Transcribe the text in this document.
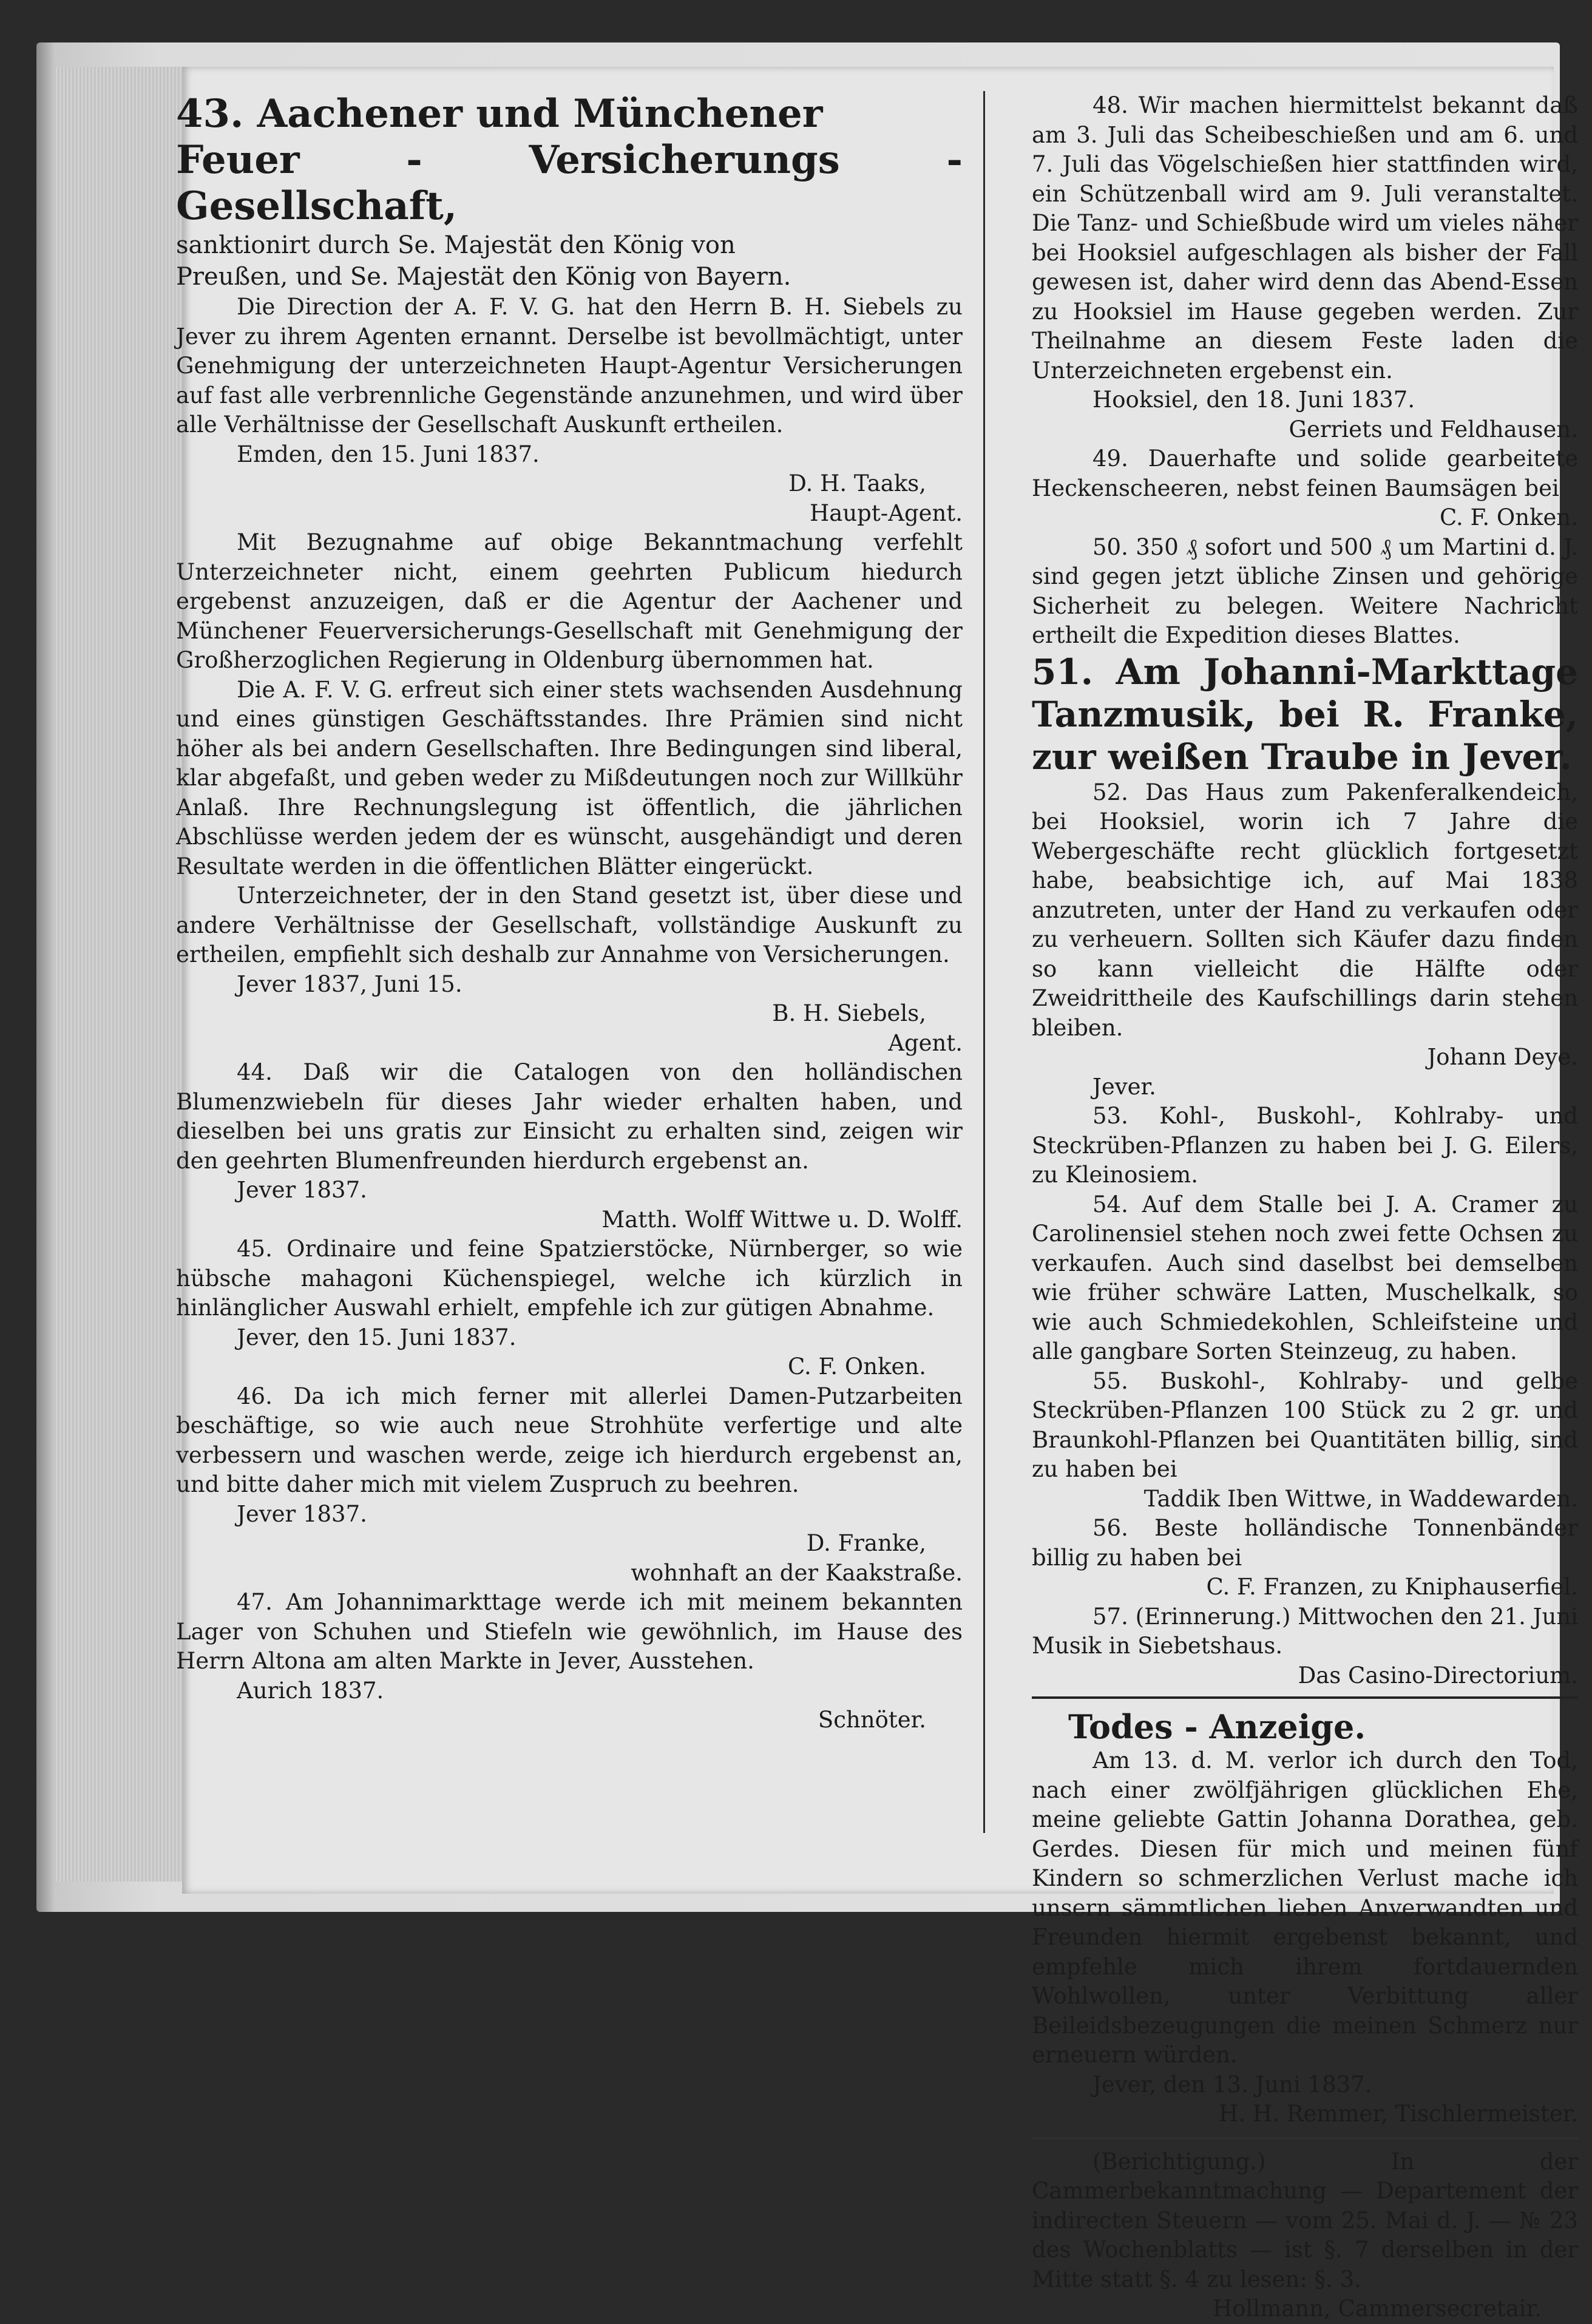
43. Aachener und Münchener
Feuer - Versicherungs - Gesellschaft,

sanktionirt durch Se. Majestät den König von

Preußen, und Se. Majestät den König von Bayern.

Die Direction der A. F. V. G. hat den Herrn B. H. Siebels zu Jever zu ihrem Agenten ernannt. Derselbe ist bevollmächtigt, unter Genehmigung der unterzeichneten Haupt-Agentur Versicherungen auf fast alle verbrennliche Gegenstände anzunehmen, und wird über alle Verhältnisse der Gesellschaft Auskunft ertheilen.

Emden, den 15. Juni 1837.

D. H. Taaks,

Haupt-Agent.

Mit Bezugnahme auf obige Bekanntmachung verfehlt Unterzeichneter nicht, einem geehrten Publicum hiedurch ergebenst anzuzeigen, daß er die Agentur der Aachener und Münchener Feuerversicherungs-Gesellschaft mit Genehmigung der Großherzoglichen Regierung in Oldenburg übernommen hat.

Die A. F. V. G. erfreut sich einer stets wachsenden Ausdehnung und eines günstigen Geschäftsstandes. Ihre Prämien sind nicht höher als bei andern Gesellschaften. Ihre Bedingungen sind liberal, klar abgefaßt, und geben weder zu Mißdeutungen noch zur Willkühr Anlaß. Ihre Rechnungslegung ist öffentlich, die jährlichen Abschlüsse werden jedem der es wünscht, ausgehändigt und deren Resultate werden in die öffentlichen Blätter eingerückt.

Unterzeichneter, der in den Stand gesetzt ist, über diese und andere Verhältnisse der Gesellschaft, vollständige Auskunft zu ertheilen, empfiehlt sich deshalb zur Annahme von Versicherungen.

Jever 1837, Juni 15.

B. H. Siebels,

Agent.

44. Daß wir die Catalogen von den holländischen Blumenzwiebeln für dieses Jahr wieder erhalten haben, und dieselben bei uns gratis zur Einsicht zu erhalten sind, zeigen wir den geehrten Blumenfreunden hierdurch ergebenst an.

Jever 1837.

Matth. Wolff Wittwe u. D. Wolff.

45. Ordinaire und feine Spatzierstöcke, Nürnberger, so wie hübsche mahagoni Küchenspiegel, welche ich kürzlich in hinlänglicher Auswahl erhielt, empfehle ich zur gütigen Abnahme.

Jever, den 15. Juni 1837.

C. F. Onken.

46. Da ich mich ferner mit allerlei Damen-Putzarbeiten beschäftige, so wie auch neue Strohhüte verfertige und alte verbessern und waschen werde, zeige ich hierdurch ergebenst an, und bitte daher mich mit vielem Zuspruch zu beehren.

Jever 1837.

D. Franke,

wohnhaft an der Kaakstraße.

47. Am Johannimarkttage werde ich mit meinem bekannten Lager von Schuhen und Stiefeln wie gewöhnlich, im Hause des Herrn Altona am alten Markte in Jever, Ausstehen.

Aurich 1837.

Schnöter.

48. Wir machen hiermittelst bekannt daß am 3. Juli das Scheibeschießen und am 6. und 7. Juli das Vögelschießen hier stattfinden wird, ein Schützenball wird am 9. Juli veranstaltet. Die Tanz- und Schießbude wird um vieles näher bei Hooksiel aufgeschlagen als bisher der Fall gewesen ist, daher wird denn das Abend-Essen zu Hooksiel im Hause gegeben werden. Zur Theilnahme an diesem Feste laden die Unterzeichneten ergebenst ein.

Hooksiel, den 18. Juni 1837.

Gerriets und Feldhausen.

49. Dauerhafte und solide gearbeitete Heckenscheeren, nebst feinen Baumsägen bei

C. F. Onken.

50. 350 ₰ sofort und 500 ₰ um Martini d. J. sind gegen jetzt übliche Zinsen und gehörige Sicherheit zu belegen. Weitere Nachricht ertheilt die Expedition dieses Blattes.

51. Am Johanni-Markttage Tanzmusik, bei R. Franke, zur weißen Traube in Jever.

52. Das Haus zum Pakenferalkendeich, bei Hooksiel, worin ich 7 Jahre die Webergeschäfte recht glücklich fortgesetzt habe, beabsichtige ich, auf Mai 1838 anzutreten, unter der Hand zu verkaufen oder zu verheuern. Sollten sich Käufer dazu finden so kann vielleicht die Hälfte oder Zweidrittheile des Kaufschillings darin stehen bleiben.

Johann Deye.

Jever.

53. Kohl-, Buskohl-, Kohlraby- und Steckrüben-Pflanzen zu haben bei J. G. Eilers, zu Kleinosiem.

54. Auf dem Stalle bei J. A. Cramer zu Carolinensiel stehen noch zwei fette Ochsen zu verkaufen. Auch sind daselbst bei demselben wie früher schwäre Latten, Muschelkalk, so wie auch Schmiedekohlen, Schleifsteine und alle gangbare Sorten Steinzeug, zu haben.

55. Buskohl-, Kohlraby- und gelbe Steckrüben-Pflanzen 100 Stück zu 2 gr. und Braunkohl-Pflanzen bei Quantitäten billig, sind zu haben bei

Taddik Iben Wittwe, in Waddewarden.

56. Beste holländische Tonnenbänder billig zu haben bei

C. F. Franzen, zu Kniphauserfiel.

57. (Erinnerung.) Mittwochen den 21. Juni Musik in Siebetshaus.

Das Casino-Directorium.

Todes - Anzeige.

Am 13. d. M. verlor ich durch den Tod, nach einer zwölfjährigen glücklichen Ehe, meine geliebte Gattin Johanna Dorathea, geb. Gerdes. Diesen für mich und meinen fünf Kindern so schmerzlichen Verlust mache ich unsern sämmtlichen lieben Anverwandten und Freunden hiermit ergebenst bekannt, und empfehle mich ihrem fortdauernden Wohlwollen, unter Verbittung aller Beileidsbezeugungen die meinen Schmerz nur erneuern würden.

Jever, den 13. Juni 1837.

H. H. Remmer, Tischlermeister.

(Berichtigung.) In der Cammerbekanntmachung — Departement der indirecten Steuern — vom 25. Mai d. J. — № 23 des Wochenblatts — ist §. 7 derselben in der Mitte statt §. 4 zu lesen: §. 3.

Hollmann, Cammersecretair.
